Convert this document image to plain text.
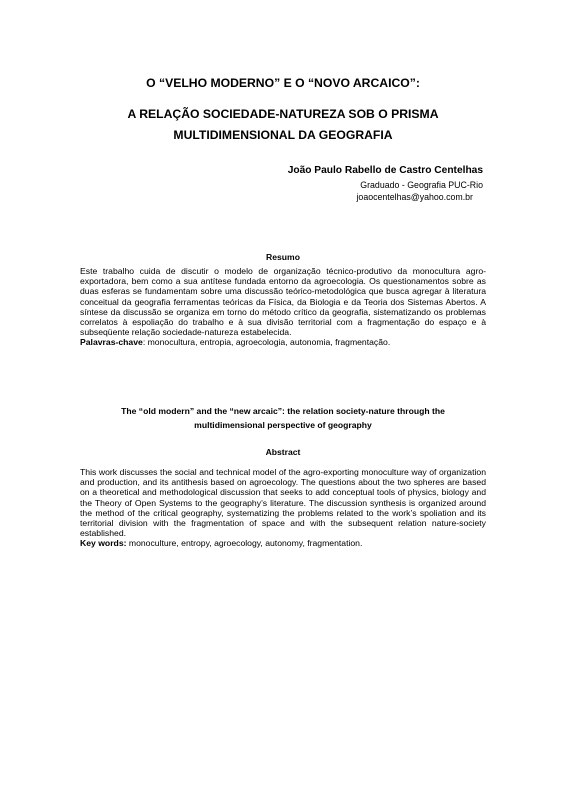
O “VELHO MODERNO” E O “NOVO ARCAICO”:
A RELAÇÃO SOCIEDADE-NATUREZA SOB O PRISMA
MULTIDIMENSIONAL DA GEOGRAFIA
João Paulo Rabello de Castro Centelhas
Graduado - Geografia PUC-Rio
joaocentelhas@yahoo.com.br
Resumo
Este trabalho cuida de discutir o modelo de organização técnico-produtivo da monocultura agro-exportadora, bem como a sua antítese fundada entorno da agroecologia. Os questionamentos sobre as duas esferas se fundamentam sobre uma discussão teórico-metodológica que busca agregar à literatura conceitual da geografia ferramentas teóricas da Física, da Biologia e da Teoria dos Sistemas Abertos. A síntese da discussão se organiza em torno do método crítico da geografia, sistematizando os problemas correlatos à espoliação do trabalho e à sua divisão territorial com a fragmentação do espaço e à subseqüente relação sociedade-natureza estabelecida.
Palavras-chave: monocultura, entropia, agroecologia, autonomia, fragmentação.
The “old modern” and the “new arcaic”: the relation society-nature through the
multidimensional perspective of geography
Abstract
This work discusses the social and technical model of the agro-exporting monoculture way of organization and production, and its antithesis based on agroecology. The questions about the two spheres are based on a theoretical and methodological discussion that seeks to add conceptual tools of physics, biology and the Theory of Open Systems to the geography’s literature. The discussion synthesis is organized around the method of the critical geography, systematizing the problems related to the work’s spoliation and its territorial division with the fragmentation of space and with the subsequent relation nature-society established.
Key words: monoculture, entropy, agroecology, autonomy, fragmentation.
